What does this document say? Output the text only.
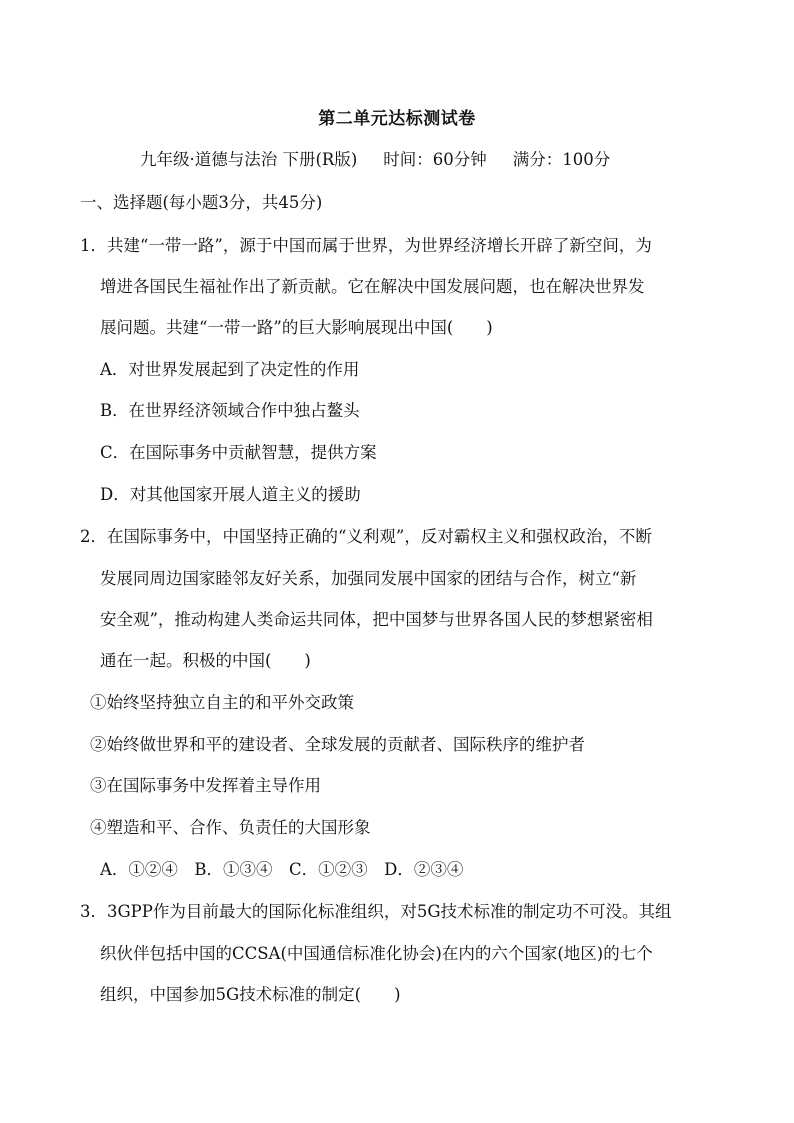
第二单元达标测试卷
九年级·道德与法治 下册(R版) 时间：60分钟 满分：100分
一、选择题(每小题3分，共45分)
1．共建“一带一路”，源于中国而属于世界，为世界经济增长开辟了新空间，为
增进各国民生福祉作出了新贡献。它在解决中国发展问题，也在解决世界发
展问题。共建“一带一路”的巨大影响展现出中国(　　)
A．对世界发展起到了决定性的作用
B．在世界经济领域合作中独占鳌头
C．在国际事务中贡献智慧，提供方案
D．对其他国家开展人道主义的援助
2．在国际事务中，中国坚持正确的“义利观”，反对霸权主义和强权政治，不断
发展同周边国家睦邻友好关系，加强同发展中国家的团结与合作，树立“新
安全观”，推动构建人类命运共同体，把中国梦与世界各国人民的梦想紧密相
通在一起。积极的中国(　　)
①始终坚持独立自主的和平外交政策
②始终做世界和平的建设者、全球发展的贡献者、国际秩序的维护者
③在国际事务中发挥着主导作用
④塑造和平、合作、负责任的大国形象
A．①②④　B．①③④　C．①②③　D．②③④
3．3GPP作为目前最大的国际化标准组织，对5G技术标准的制定功不可没。其组
织伙伴包括中国的CCSA(中国通信标准化协会)在内的六个国家(地区)的七个
组织，中国参加5G技术标准的制定(　　)
